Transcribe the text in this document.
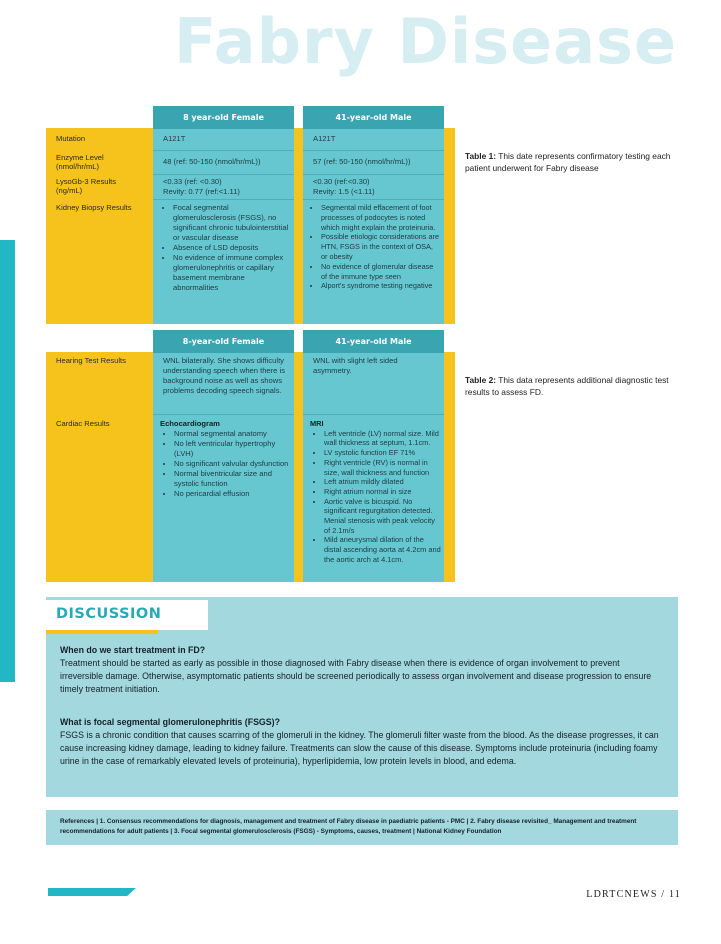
Fabry Disease
8 year-old Female	41-year-old Male
Mutation	A121T	A121T
Enzyme Level (nmol/hr/mL)
48 (ref: 50-150 (nmol/hr/mL))	57 (ref: 50-150 (nmol/hr/mL))
LysoGb-3 Results (ng/mL)
<0.33 (ref: <0.30)
Revity: 0.77 (ref:<1.11)
<0.30 (ref:<0.30)
Revity: 1.5 (<1.11)
Kidney Biopsy Results
•	Focal segmental glomerulosclerosis (FSGS), no significant chronic tubulointerstitial or vascular disease
• Absence of LSD deposits
• No evidence of immune complex glomerulonephritis or capillary basement membrane abnormalities
• Segmental mild effacement of foot processes of podocytes is noted which might explain the proteinuria.
• Possible etiologic considerations are HTN, FSGS in the context of OSA, or obesity
• No evidence of glomerular disease of the immune type seen
• Alport's syndrome testing negative
Table 1: This date represents confirmatory testing each patient underwent for Fabry disease
8-year-old Female	41-year-old Male
Hearing Test Results	WNL bilaterally. She shows difficulty understanding speech when there is background noise as well as shows problems decoding speech signals.
WNL with slight left sided asymmetry.
Cardiac Results	Echocardiogram
• Normal segmental anatomy
• No left ventricular hypertrophy (LVH)
• No significant valvular dysfunction
• Normal biventricular size and systolic function
• No pericardial effusion
MRI
• Left ventricle (LV) normal size. Mild wall thickness at septum, 1.1cm.
• LV systolic function EF 71%
• Right ventricle (RV) is normal in size, wall thickness and function
• Left atrium mildly dilated
• Right atrium normal in size
• Aortic valve is bicuspid. No significant regurgitation detected. Menial stenosis with peak velocity of 2.1m/s
• Mild aneurysmal dilation of the distal ascending aorta at 4.2cm and the aortic arch at 4.1cm.
Table 2: This data represents additional diagnostic test results to assess FD.
DISCUSSION
When do we start treatment in FD?
Treatment should be started as early as possible in those diagnosed with Fabry disease when there is evidence of organ involvement to prevent irreversible damage. Otherwise, asymptomatic patients should be screened periodically to assess organ involvement and disease progression to ensure timely treatment initiation.
What is focal segmental glomerulonephritis (FSGS)?
FSGS is a chronic condition that causes scarring of the glomeruli in the kidney. The glomeruli filter waste from the blood. As the disease progresses, it can cause increasing kidney damage, leading to kidney failure. Treatments can slow the cause of this disease. Symptoms include proteinuria (including foamy urine in the case of remarkably elevated levels of proteinuria), hyperlipidemia, low protein levels in blood, and edema.
References | 1. Consensus recommendations for diagnosis, management and treatment of Fabry disease in paediatric patients - PMC | 2. Fabry disease revisited_ Management and treatment recommendations for adult patients | 3. Focal segmental glomerulosclerosis (FSGS) - Symptoms, causes, treatment | National Kidney Foundation
LDRTCNEWS / 11
